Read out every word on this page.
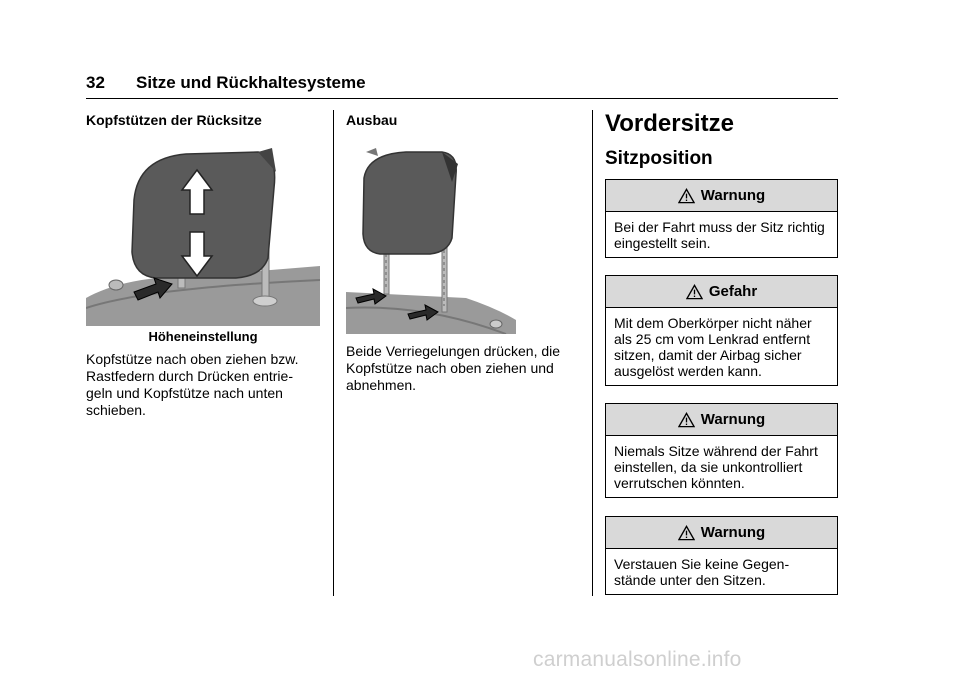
32 Sitze und Rückhaltesysteme
Kopfstützen der Rücksitze
Höheneinstellung

Kopfstütze nach oben ziehen bzw. Rastfedern durch Drücken entrie- geln und Kopfstütze nach unten schieben.

Ausbau

Beide Verriegelungen drücken, die Kopfstütze nach oben ziehen und abnehmen.

Vordersitze
Sitzposition
Warnung
Bei der Fahrt muss der Sitz richtig eingestellt sein.
Gefahr
Mit dem Oberkörper nicht näher als 25 cm vom Lenkrad entfernt sitzen, damit der Airbag sicher ausgelöst werden kann.
Warnung
Niemals Sitze während der Fahrt einstellen, da sie unkontrolliert verrutschen könnten.
Warnung
Verstauen Sie keine Gegen- stände unter den Sitzen.
carmanualsonline.info
